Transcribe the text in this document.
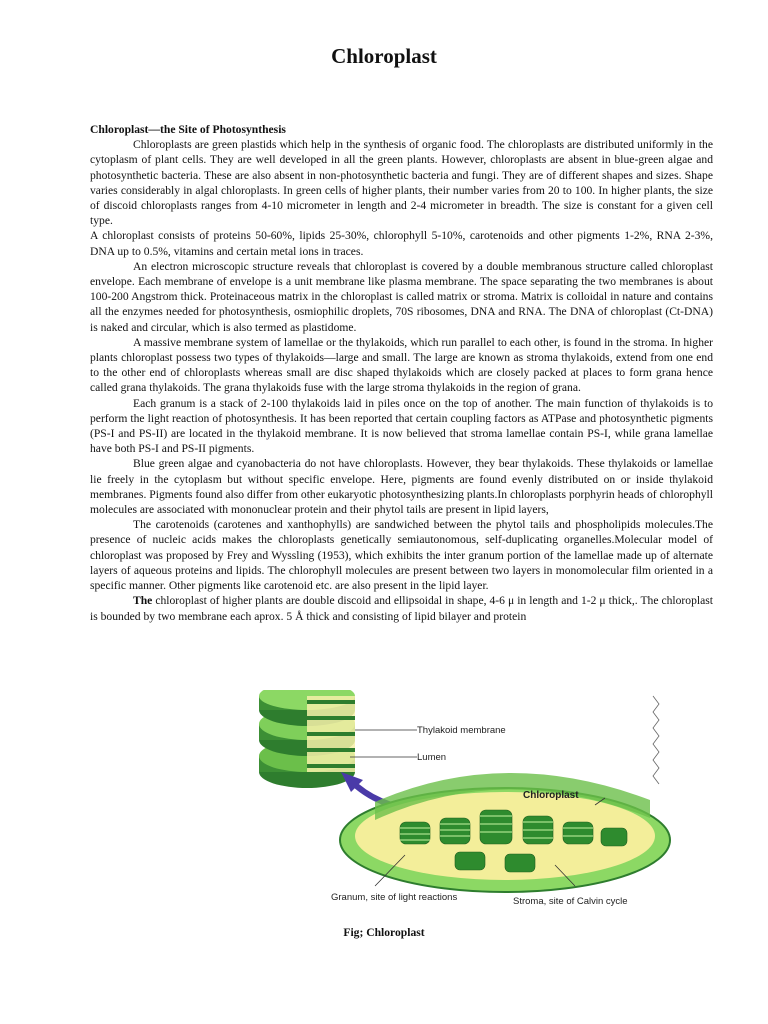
Chloroplast

Chloroplast—the Site of Photosynthesis

Chloroplasts are green plastids which help in the synthesis of organic food. The chloroplasts are distributed uniformly in the cytoplasm of plant cells. They are well developed in all the green plants. However, chloroplasts are absent in blue-green algae and photosynthetic bacteria. These are also absent in non-photosynthetic bacteria and fungi. They are of different shapes and sizes. Shape varies considerably in algal chloroplasts. In green cells of higher plants, their number varies from 20 to 100. In higher plants, the size of discoid chloroplasts ranges from 4-10 micrometer in length and 2-4 micrometer in breadth. The size is constant for a given cell type.

A chloroplast consists of proteins 50-60%, lipids 25-30%, chlorophyll 5-10%, carotenoids and other pigments 1-2%, RNA 2-3%, DNA up to 0.5%, vitamins and certain metal ions in traces.

An electron microscopic structure reveals that chloroplast is covered by a double membranous structure called chloroplast envelope. Each membrane of envelope is a unit membrane like plasma membrane. The space separating the two membranes is about 100-200 Angstrom thick. Proteinaceous matrix in the chloroplast is called matrix or stroma. Matrix is colloidal in nature and contains all the enzymes needed for photosynthesis, osmiophilic droplets, 70S ribosomes, DNA and RNA. The DNA of chloroplast (Ct-DNA) is naked and circular, which is also termed as plastidome.

A massive membrane system of lamellae or the thylakoids, which run parallel to each other, is found in the stroma. In higher plants chloroplast possess two types of thylakoids—large and small. The large are known as stroma thylakoids, extend from one end to the other end of chloroplasts whereas small are disc shaped thylakoids which are closely packed at places to form grana hence called grana thylakoids. The grana thylakoids fuse with the large stroma thylakoids in the region of grana.

Each granum is a stack of 2-100 thylakoids laid in piles once on the top of another. The main function of thylakoids is to perform the light reaction of photosynthesis. It has been reported that certain coupling factors as ATPase and photosynthetic pigments (PS-I and PS-II) are located in the thylakoid membrane. It is now believed that stroma lamellae contain PS-I, while grana lamellae have both PS-I and PS-II pigments.

Blue green algae and cyanobacteria do not have chloroplasts. However, they bear thylakoids. These thylakoids or lamellae lie freely in the cytoplasm but without specific envelope. Here, pigments are found evenly distributed on or inside thylakoid membranes. Pigments found also differ from other eukaryotic photosynthesizing plants.In chloroplasts porphyrin heads of chlorophyll molecules are associated with mononuclear protein and their phytol tails are present in lipid layers,

The carotenoids (carotenes and xanthophylls) are sandwiched between the phytol tails and phospholipids molecules.The presence of nucleic acids makes the chloroplasts genetically semiautonomous, self-duplicating organelles.Molecular model of chloroplast was proposed by Frey and Wyssling (1953), which exhibits the inter granum portion of the lamellae made up of alternate layers of aqueous proteins and lipids. The chlorophyll molecules are present between two layers in monomolecular film oriented in a specific manner. Other pigments like carotenoid etc. are also present in the lipid layer.

The chloroplast of higher plants are double discoid and ellipsoidal in shape, 4-6 μ in length and 1-2 μ thick,. The chloroplast is bounded by two membrane each aprox. 5 Å thick and consisting of lipid bilayer and protein

Thylakoid membrane
Lumen
Chloroplast
Granum, site of light reactions	Stroma, site of Calvin cycle
Fig; Chloroplast
